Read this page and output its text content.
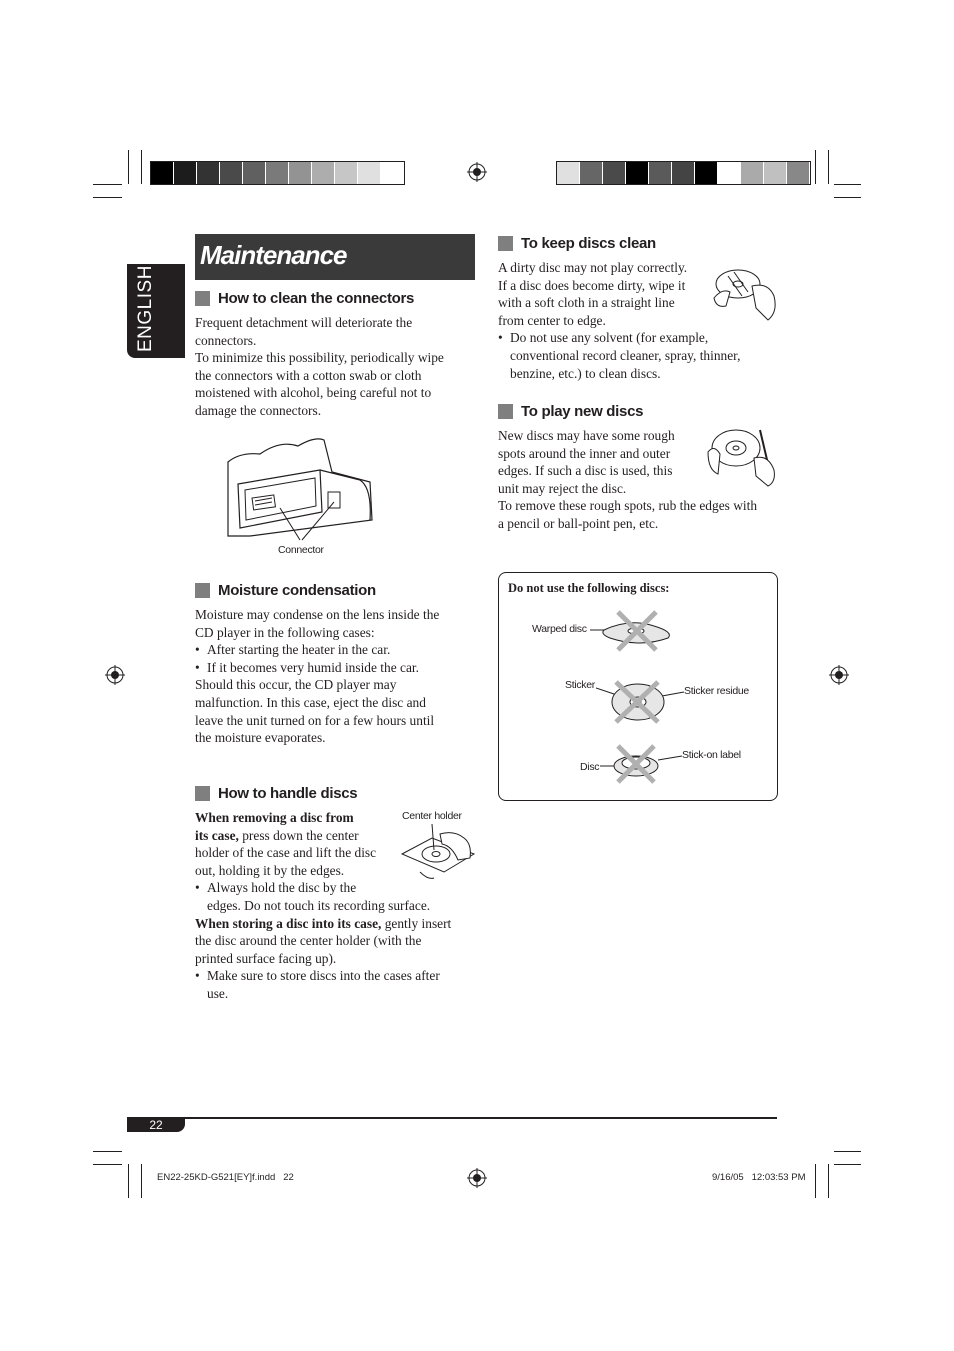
ENGLISH
Maintenance
How to clean the connectors

Frequent detachment will deteriorate the

connectors.

To minimize this possibility, periodically wipe

the connectors with a cotton swab or cloth

moistened with alcohol, being careful not to

damage the connectors.

Connector
Moisture condensation

Moisture may condense on the lens inside the

CD player in the following cases:

• After starting the heater in the car.

• If it becomes very humid inside the car.

Should this occur, the CD player may

malfunction. In this case, eject the disc and

leave the unit turned on for a few hours until

the moisture evaporates.

How to handle discs
Center holder

When removing a disc from

its case, press down the center

holder of the case and lift the disc

out, holding it by the edges.

• Always hold the disc by the

edges. Do not touch its recording surface.

When storing a disc into its case, gently insert

the disc around the center holder (with the

printed surface facing up).

• Make sure to store discs into the cases after

use.

To keep discs clean

A dirty disc may not play correctly.

If a disc does become dirty, wipe it

with a soft cloth in a straight line

from center to edge.

• Do not use any solvent (for example,

conventional record cleaner, spray, thinner,

benzine, etc.) to clean discs.

To play new discs

New discs may have some rough

spots around the inner and outer

edges. If such a disc is used, this

unit may reject the disc.

To remove these rough spots, rub the edges with

a pencil or ball-point pen, etc.

Do not use the following discs:
Warped disc
Sticker	Sticker residue
Stick-on label
Disc
22
EN22-25KD-G521[EY]f.indd   22	9/16/05   12:03:53 PM
